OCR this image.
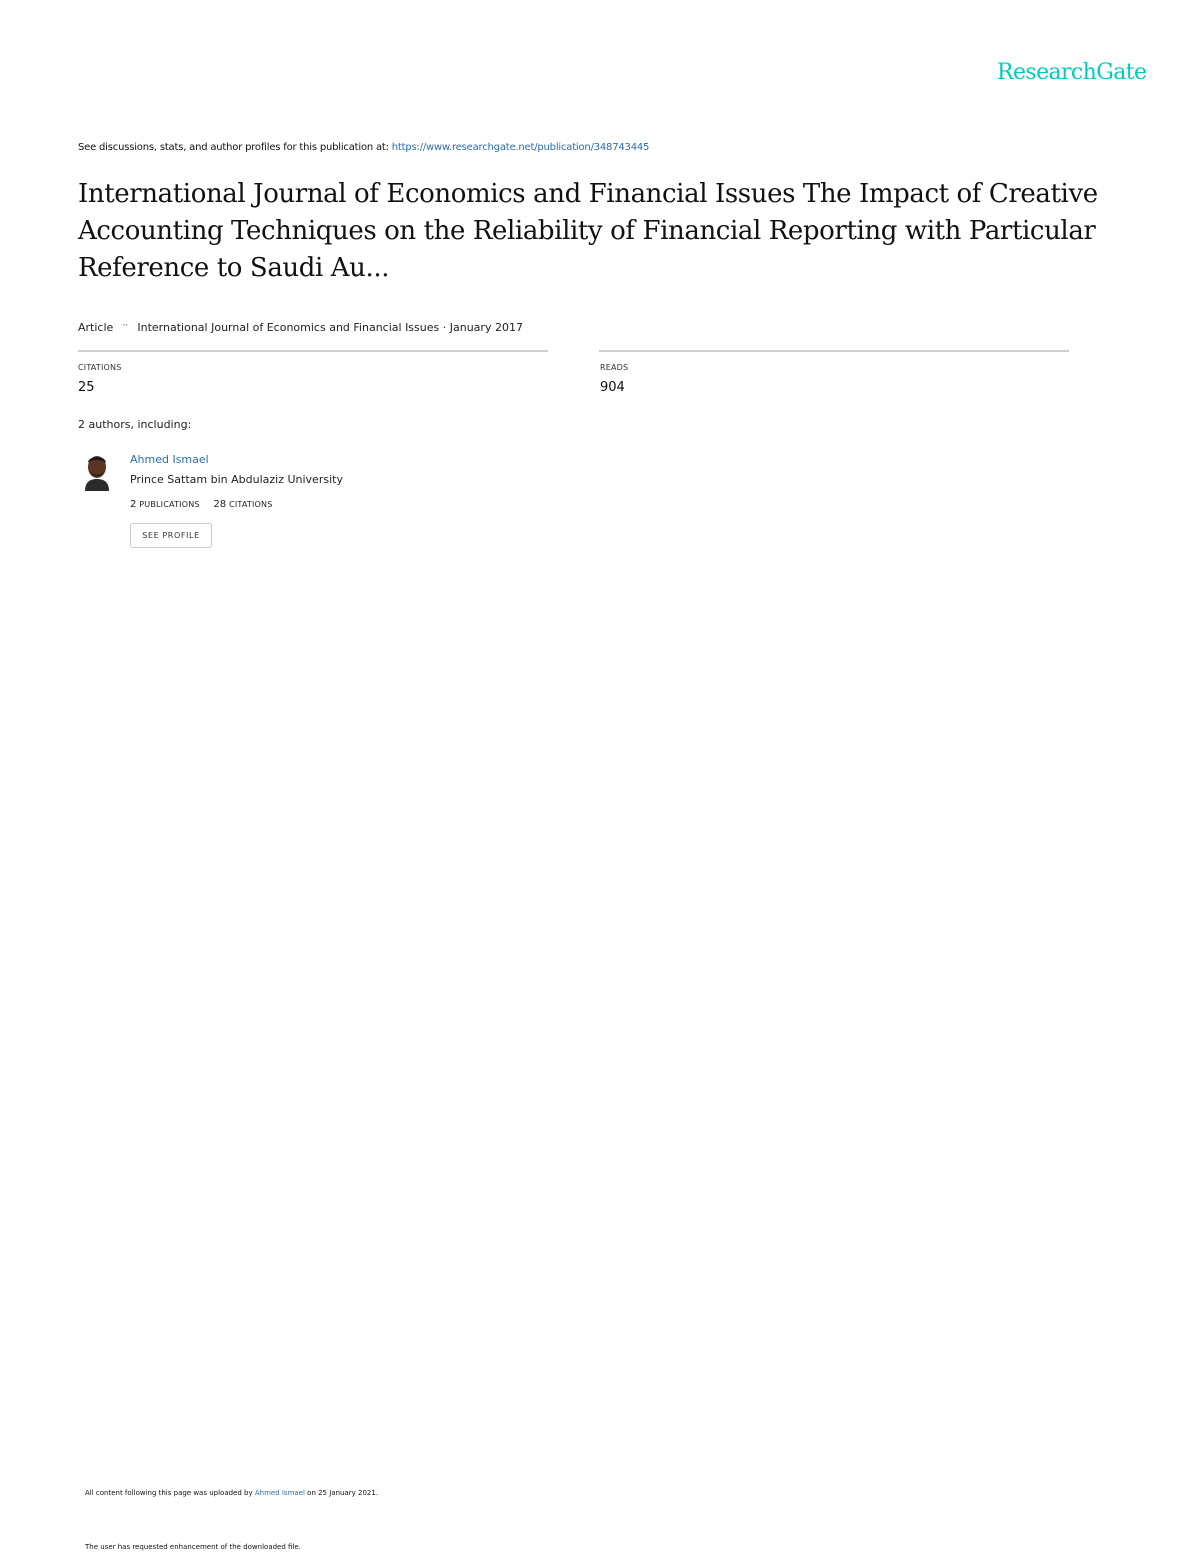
ResearchGate
See discussions, stats, and author profiles for this publication at: https://www.researchgate.net/publication/348743445
International Journal of Economics and Financial Issues The Impact of Creative Accounting Techniques on the Reliability of Financial Reporting with Particular Reference to Saudi Au...
Article ’’ International Journal of Economics and Financial Issues · January 2017
CITATIONS
25
READS
904
2 authors, including:
Ahmed Ismael
Prince Sattam bin Abdulaziz University
2 PUBLICATIONS 28 CITATIONS
SEE PROFILE
All content following this page was uploaded by Ahmed Ismael on 25 January 2021.
The user has requested enhancement of the downloaded file.
